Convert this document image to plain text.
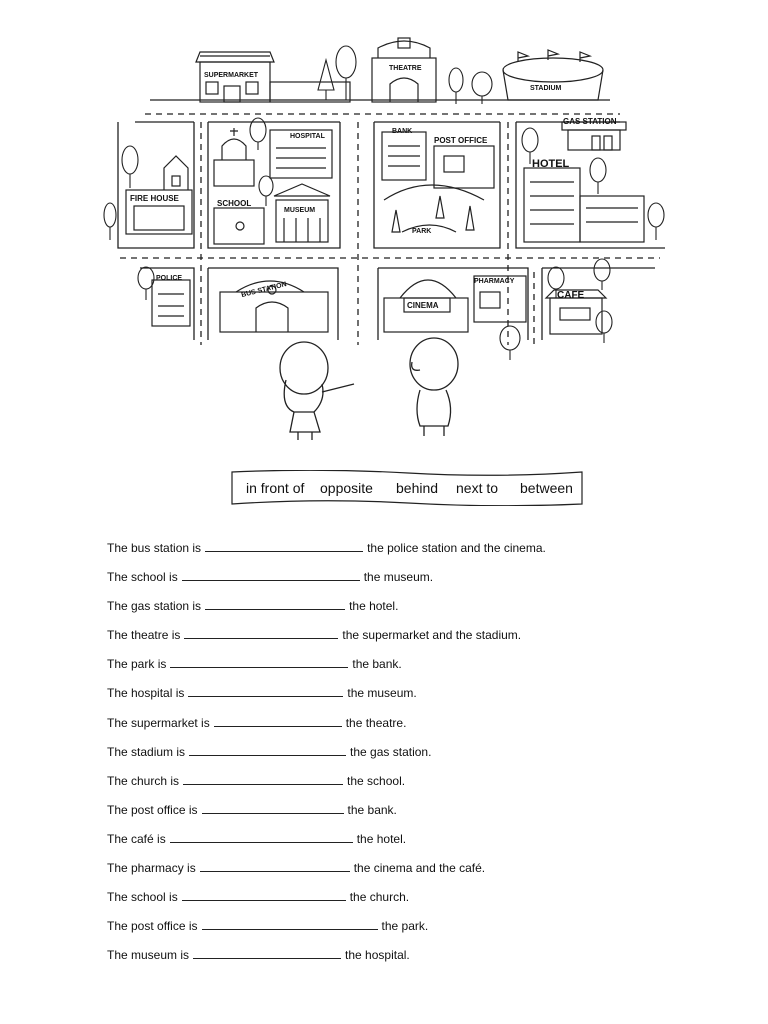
SUPERMARKET
THEATRE
STADIUM
FIRE HOUSE
HOSPITAL
SCHOOL
MUSEUM
BANK
POST OFFICE
PARK
GAS STATION
HOTEL
POLICE
BUS STATION
CINEMA
PHARMACY
CAFE
in front of opposite behind next to between
The bus station is	the police station and the cinema.
The school is	the museum.
The gas station is	the hotel.
The theatre is	the supermarket and the stadium.
The park is	the bank.
The hospital is	the museum.
The supermarket is	the theatre.
The stadium is	the gas station.
The church is	the school.
The post office is	the bank.
The café is	the hotel.
The pharmacy is	the cinema and the café.
The school is	the church.
The post office is	the park.
The museum is	the hospital.
